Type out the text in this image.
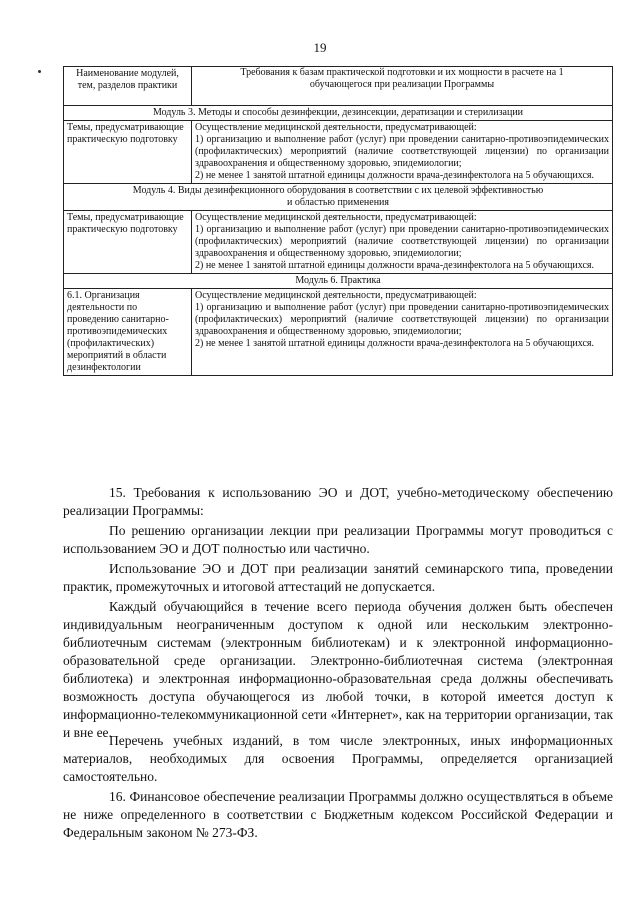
19
Наименование модулей, тем, разделов практики	Требования к базам практической подготовки и их мощности в расчете на 1 обучающегося при реализации Программы
Модуль 3. Методы и способы дезинфекции, дезинсекции, дератизации и стерилизации	
Темы, предусматривающие практическую подготовку	Осуществление медицинской деятельности, предусматривающей:

1) организацию и выполнение работ (услуг) при проведении санитарно-противоэпидемических (профилактических) мероприятий (наличие соответствующей лицензии) по организации здравоохранения и общественному здоровью, эпидемиологии;

2) не менее 1 занятой штатной единицы должности врача-дезинфектолога на 5 обучающихся.

Модуль 4. Виды дезинфекционного оборудования в соответствии с их целевой эффективностью
и областью применения	

Темы, предусматривающие практическую подготовку	Осуществление медицинской деятельности, предусматривающей:

1) организацию и выполнение работ (услуг) при проведении санитарно-противоэпидемических (профилактических) мероприятий (наличие соответствующей лицензии) по организации здравоохранения и общественному здоровью, эпидемиологии;

2) не менее 1 занятой штатной единицы должности врача-дезинфектолога на 5 обучающихся.

Модуль 6. Практика	
6.1. Организация деятельности по проведению санитарно-противоэпидемических (профилактических) мероприятий в области дезинфектологии	Осуществление медицинской деятельности, предусматривающей:

1) организацию и выполнение работ (услуг) при проведении санитарно-противоэпидемических (профилактических) мероприятий (наличие соответствующей лицензии) по организации здравоохранения и общественному здоровью, эпидемиологии;

2) не менее 1 занятой штатной единицы должности врача-дезинфектолога на 5 обучающихся.

15. Требования к использованию ЭО и ДОТ, учебно-методическому обеспечению реализации Программы:

По решению организации лекции при реализации Программы могут проводиться с использованием ЭО и ДОТ полностью или частично.

Использование ЭО и ДОТ при реализации занятий семинарского типа, проведении практик, промежуточных и итоговой аттестаций не допускается.

Каждый обучающийся в течение всего периода обучения должен быть обеспечен индивидуальным неограниченным доступом к одной или нескольким электронно-библиотечным системам (электронным библиотекам) и к электронной информационно-образовательной среде организации. Электронно-библиотечная система (электронная библиотека) и электронная информационно-образовательная среда должны обеспечивать возможность доступа обучающегося из любой точки, в которой имеется доступ к информационно-телекоммуникационной сети «Интернет», как на территории организации, так и вне ее.

Перечень учебных изданий, в том числе электронных, иных информационных материалов, необходимых для освоения Программы, определяется организацией самостоятельно.

16. Финансовое обеспечение реализации Программы должно осуществляться в объеме не ниже определенного в соответствии с Бюджетным кодексом Российской Федерации и Федеральным законом № 273-ФЗ.
